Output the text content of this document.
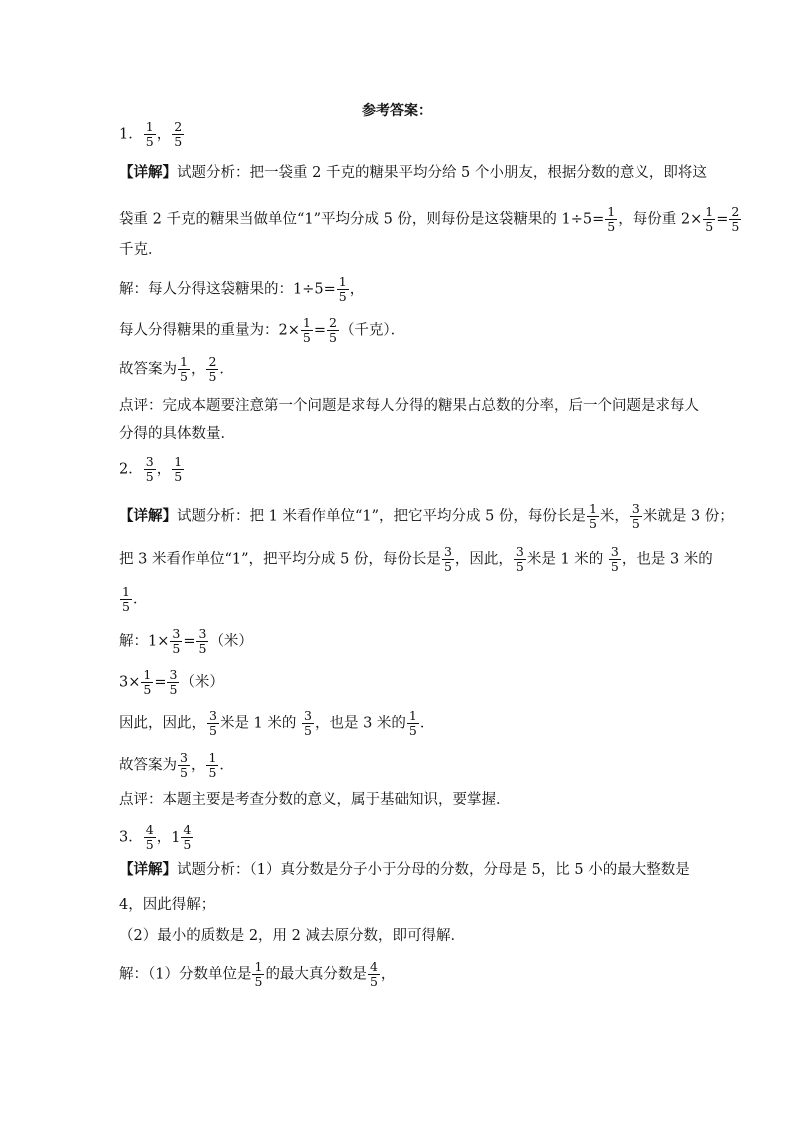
参考答案：
1． $\frac{1}{5}$ ， $\frac{2}{5}$
【详解】试题分析：把一袋重 2 千克的糖果平均分给 5 个小朋友，根据分数的意义，即将这
袋重 2 千克的糖果当做单位“1”平均分成 5 份，则每份是这袋糖果的 $1\div 5= \frac{1}{5}$ ，每份重 $2\times \frac{1}{5} = \frac{2}{5}$
千克．
解：每人分得这袋糖果的：$1\div 5= \frac{1}{5}$ ，
每人分得糖果的重量为：$2\times \frac{1}{5} = \frac{2}{5}$ （千克）．
故答案为 $\frac{1}{5}$ ， $\frac{2}{5}$ ．
点评：完成本题要注意第一个问题是求每人分得的糖果占总数的分率，后一个问题是求每人
分得的具体数量．
2． $\frac{3}{5}$ ， $\frac{1}{5}$
【详解】试题分析：把 1 米看作单位“1”，把它平均分成 5 份，每份长是 $\frac{1}{5}$ 米， $\frac{3}{5}$ 米就是 3 份；
把 3 米看作单位“1”，把平均分成 5 份，每份长是 $\frac{3}{5}$ ，因此， $\frac{3}{5}$ 米是 1 米的 $\frac{3}{5}$ ，也是 3 米的
$\frac{1}{5}$ ．
解：$1\times \frac{3}{5} = \frac{3}{5}$ （米）
$3\times \frac{1}{5} = \frac{3}{5}$ （米）
因此，因此， $\frac{3}{5}$ 米是 1 米的 $\frac{3}{5}$ ，也是 3 米的 $\frac{1}{5}$ ．
故答案为 $\frac{3}{5}$ ， $\frac{1}{5}$ ．
点评：本题主要是考查分数的意义，属于基础知识，要掌握．
3． $\frac{4}{5}$ ，$1 \frac{4}{5}$
【详解】试题分析：（1）真分数是分子小于分母的分数，分母是 5，比 5 小的最大整数是
4，因此得解；
（2）最小的质数是 2，用 2 减去原分数，即可得解．
解：（1）分数单位是 $\frac{1}{5}$ 的最大真分数是 $\frac{4}{5}$ ，
